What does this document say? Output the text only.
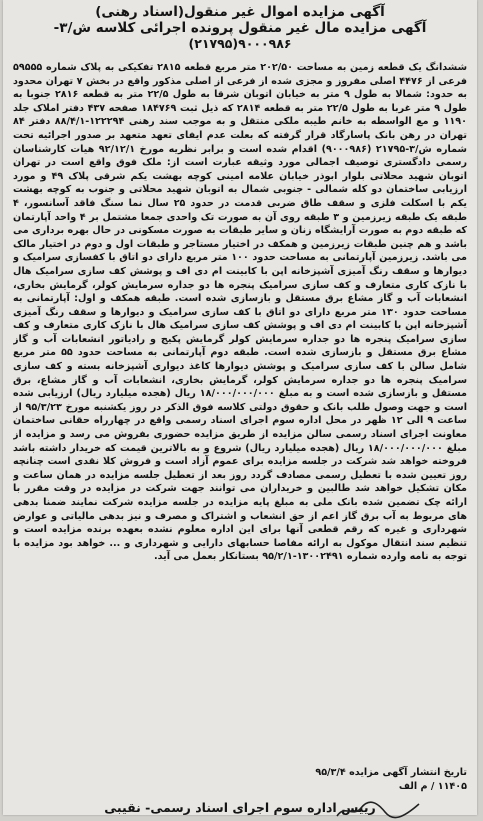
آگهی مزایده اموال غیر منقول(اسناد رهنی)
آگهی مزایده مال غیر منقول پرونده اجرائی کلاسه ش/۳-
۹۰۰۰۹۸۶(۲۱۷۹۵)
ششدانگ یک قطعه زمین به مساحت ۲۰۲/۵۰ متر مربع قطعه ۲۸۱۵ تفکیکی به پلاک شماره ۵۹۵۵۵ فرعی از ۴۴۷۶ اصلی مفروز و مجزی شده از فرعی از اصلی مذکور واقع در بخش ۷ تهران محدود به حدود: شمالا به طول ۹ متر به خیابان اتوبان شرقا به طول ۲۲/۵ متر به قطعه ۲۸۱۶ جنوبا به طول ۹ متر غربا به طول ۲۲/۵ متر به قطعه ۲۸۱۴ که ذیل ثبت ۱۸۴۷۶۹ صفحه ۴۳۷ دفتر املاک جلد ۱۱۹۰ و مع الواسطه به خانم طیبه ملکی منتقل و به موجب سند رهنی ۱۲۲۲۹۴-۸۸/۴/۱ دفتر ۸۴ تهران در رهن بانک پاسارگاد قرار گرفته که بعلت عدم ایفای تعهد متعهد بر صدور اجرائیه تحت شماره ش/۳-۲۱۷۹۵ (۹۰۰۰۹۸۶) اقدام شده است و برابر نظریه مورخ ۹۲/۱۲/۱ هیات کارشناسان رسمی دادگستری توصیف اجمالی مورد وثیقه عبارت است از: ملک فوق واقع است در تهران اتوبان شهید محلاتی بلوار ابوذر خیابان علامه امینی کوچه بهشت یکم شرقی پلاک ۴۹ و مورد ارزیابی ساختمان دو کله شمالی - جنوبی شمال به اتوبان شهید محلاتی و جنوب به کوچه بهشت یکم با اسکلت فلزی و سقف طاق ضربی قدمت در حدود ۲۵ سال نما سنگ فاقد آسانسور، ۴ طبقه یک طبقه زیرزمین و ۳ طبقه روی آن به صورت تک واحدی جمعا مشتمل بر ۴ واحد آپارتمان که طبقه دوم به صورت آرایشگاه زنان و سایر طبقات به صورت مسکونی در حال بهره برداری می باشد و هم چنین طبقات زیرزمین و همکف در اختیار مستاجر و طبقات اول و دوم در اختیار مالک می باشد. زیرزمین آپارتمانی به مساحت حدود ۱۰۰ متر مربع دارای دو اتاق با کفسازی سرامیک و دیوارها و سقف رنگ آمیزی آشپزخانه اپن با کابینت ام دی اف و پوشش کف سازی سرامیک هال با نازک کاری متعارف و کف سازی سرامیک پنجره ها دو جداره سرمایش کولر، گرمایش بخاری، انشعابات آب و گاز مشاع برق مستقل و بازسازی شده است. طبقه همکف و اول: آپارتمانی به مساحت حدود ۱۳۰ متر مربع دارای دو اتاق با کف سازی سرامیک و دیوارها و سقف رنگ آمیزی آشپزخانه اپن با کابینت ام دی اف و پوشش کف سازی سرامیک هال با نازک کاری متعارف و کف سازی سرامیک پنجره ها دو جداره سرمایش کولر گرمایش پکیج و رادیاتور انشعابات آب و گاز مشاع برق مستقل و بازسازی شده است. طبقه دوم آپارتمانی به مساحت حدود ۵۵ متر مربع شامل سالن با کف سازی سرامیک و پوشش دیوارها کاغذ دیواری آشپزخانه بسته و کف سازی سرامیک پنجره ها دو جداره سرمایش کولر، گرمایش بخاری، انشعابات آب و گاز مشاع، برق مستقل و بازسازی شده است و به مبلغ ۱۸/۰۰۰/۰۰۰/۰۰۰ ریال (هجده میلیارد ریال) ارزیابی شده است و جهت وصول طلب بانک و حقوق دولتی کلاسه فوق الذکر در روز یکشنبه مورخ ۹۵/۳/۲۳ از ساعت ۹ الی ۱۲ ظهر در محل اداره سوم اجرای اسناد رسمی واقع در چهارراه حقانی ساختمان معاونت اجرای اسناد رسمی سالن مزایده از طریق مزایده حضوری بفروش می رسد و مزایده از مبلغ ۱۸/۰۰۰/۰۰۰/۰۰۰ ریال (هجده میلیارد ریال) شروع و به بالاترین قیمت که خریدار داشته باشد فروخته خواهد شد شرکت در جلسه مزایده برای عموم آزاد است و فروش کلا نقدی است چنانچه روز تعیین شده با تعطیل رسمی مصادف گردد روز بعد از تعطیل جلسه مزایده در همان ساعت و مکان تشکیل خواهد شد طالبین و خریداران می توانند جهت شرکت در مزایده در وقت مقرر با ارائه چک تضمین شده بانک ملی به مبلغ پایه مزایده در جلسه مزایده شرکت نمایند ضمنا بدهی های مربوط به آب برق گاز اعم از حق انشعاب و اشتراک و مصرف و نیز بدهی مالیاتی و عوارض شهرداری و غیره که رقم قطعی آنها برای این اداره معلوم نشده بعهده برنده مزایده است و تنظیم سند انتقال موکول به ارائه مفاصا حسابهای دارایی و شهرداری و ... خواهد بود مزایده با توجه به نامه وارده شماره ۱۳۰۰۲۴۹۱-۹۵/۲/۱ بستانکار بعمل می آید.
تاریخ انتشار آگهی مزایده ۹۵/۳/۴
۱۱۴۰۵ / م الف
رییس اداره سوم اجرای اسناد رسمی- نقیبی
